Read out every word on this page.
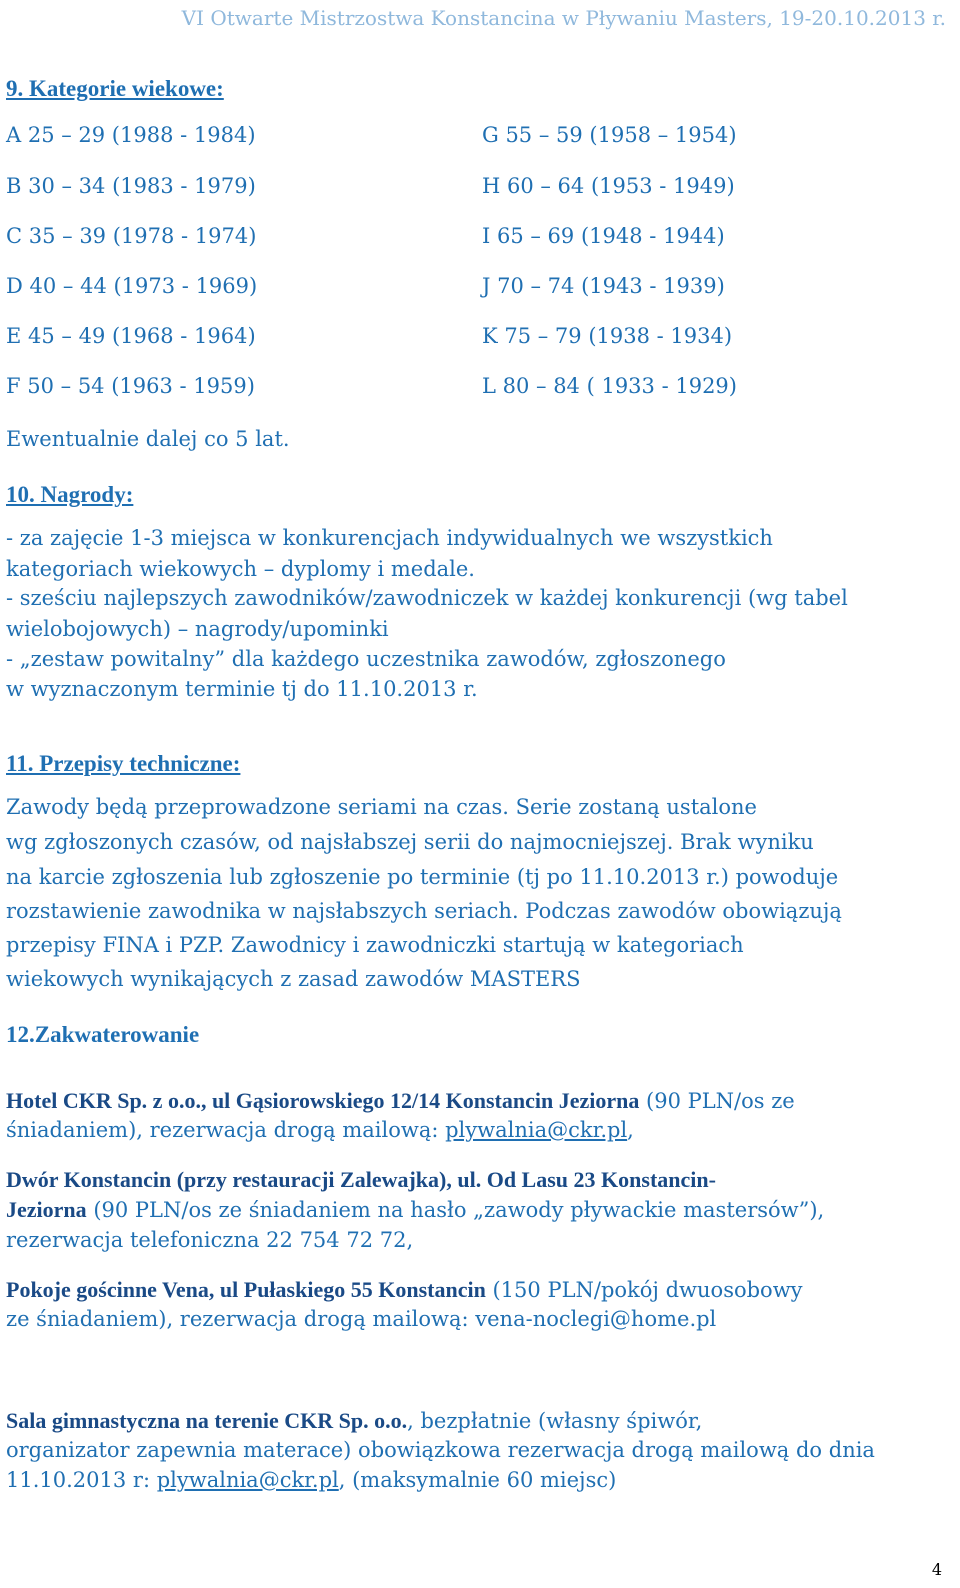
VI Otwarte Mistrzostwa Konstancina w Pływaniu Masters, 19-20.10.2013 r.
9. Kategorie wiekowe:
A 25 – 29 (1988 - 1984)
B 30 – 34 (1983 - 1979)
C 35 – 39 (1978 - 1974)
D 40 – 44 (1973 - 1969)
E 45 – 49 (1968 - 1964)
F 50 – 54 (1963 - 1959)
G 55 – 59 (1958 – 1954)
H 60 – 64 (1953 - 1949)
I 65 – 69 (1948 - 1944)
J 70 – 74 (1943 - 1939)
K 75 – 79 (1938 - 1934)
L 80 – 84 ( 1933 - 1929)
Ewentualnie dalej co 5 lat.
10. Nagrody:
- za zajęcie 1-3 miejsca w konkurencjach indywidualnych we wszystkich
kategoriach wiekowych – dyplomy i medale.
- sześciu najlepszych zawodników/zawodniczek w każdej konkurencji (wg tabel
wielobojowych) – nagrody/upominki
- „zestaw powitalny” dla każdego uczestnika zawodów, zgłoszonego
w wyznaczonym terminie tj do 11.10.2013 r.
11. Przepisy techniczne:
Zawody będą przeprowadzone seriami na czas. Serie zostaną ustalone
wg zgłoszonych czasów, od najsłabszej serii do najmocniejszej. Brak wyniku
na karcie zgłoszenia lub zgłoszenie po terminie (tj po 11.10.2013 r.) powoduje
rozstawienie zawodnika w najsłabszych seriach. Podczas zawodów obowiązują
przepisy FINA i PZP. Zawodnicy i zawodniczki startują w kategoriach
wiekowych wynikających z zasad zawodów MASTERS
12.Zakwaterowanie
Hotel CKR Sp. z o.o., ul Gąsiorowskiego 12/14 Konstancin Jeziorna (90 PLN/os ze
śniadaniem), rezerwacja drogą mailową: plywalnia@ckr.pl,
Dwór Konstancin (przy restauracji Zalewajka), ul. Od Lasu 23 Konstancin-
Jeziorna (90 PLN/os ze śniadaniem na hasło „zawody pływackie mastersów”),
rezerwacja telefoniczna 22 754 72 72,
Pokoje gościnne Vena, ul Pułaskiego 55 Konstancin (150 PLN/pokój dwuosobowy
ze śniadaniem), rezerwacja drogą mailową: vena-noclegi@home.pl
Sala gimnastyczna na terenie CKR Sp. o.o., bezpłatnie (własny śpiwór,
organizator zapewnia materace) obowiązkowa rezerwacja drogą mailową do dnia
11.10.2013 r: plywalnia@ckr.pl, (maksymalnie 60 miejsc)
4
